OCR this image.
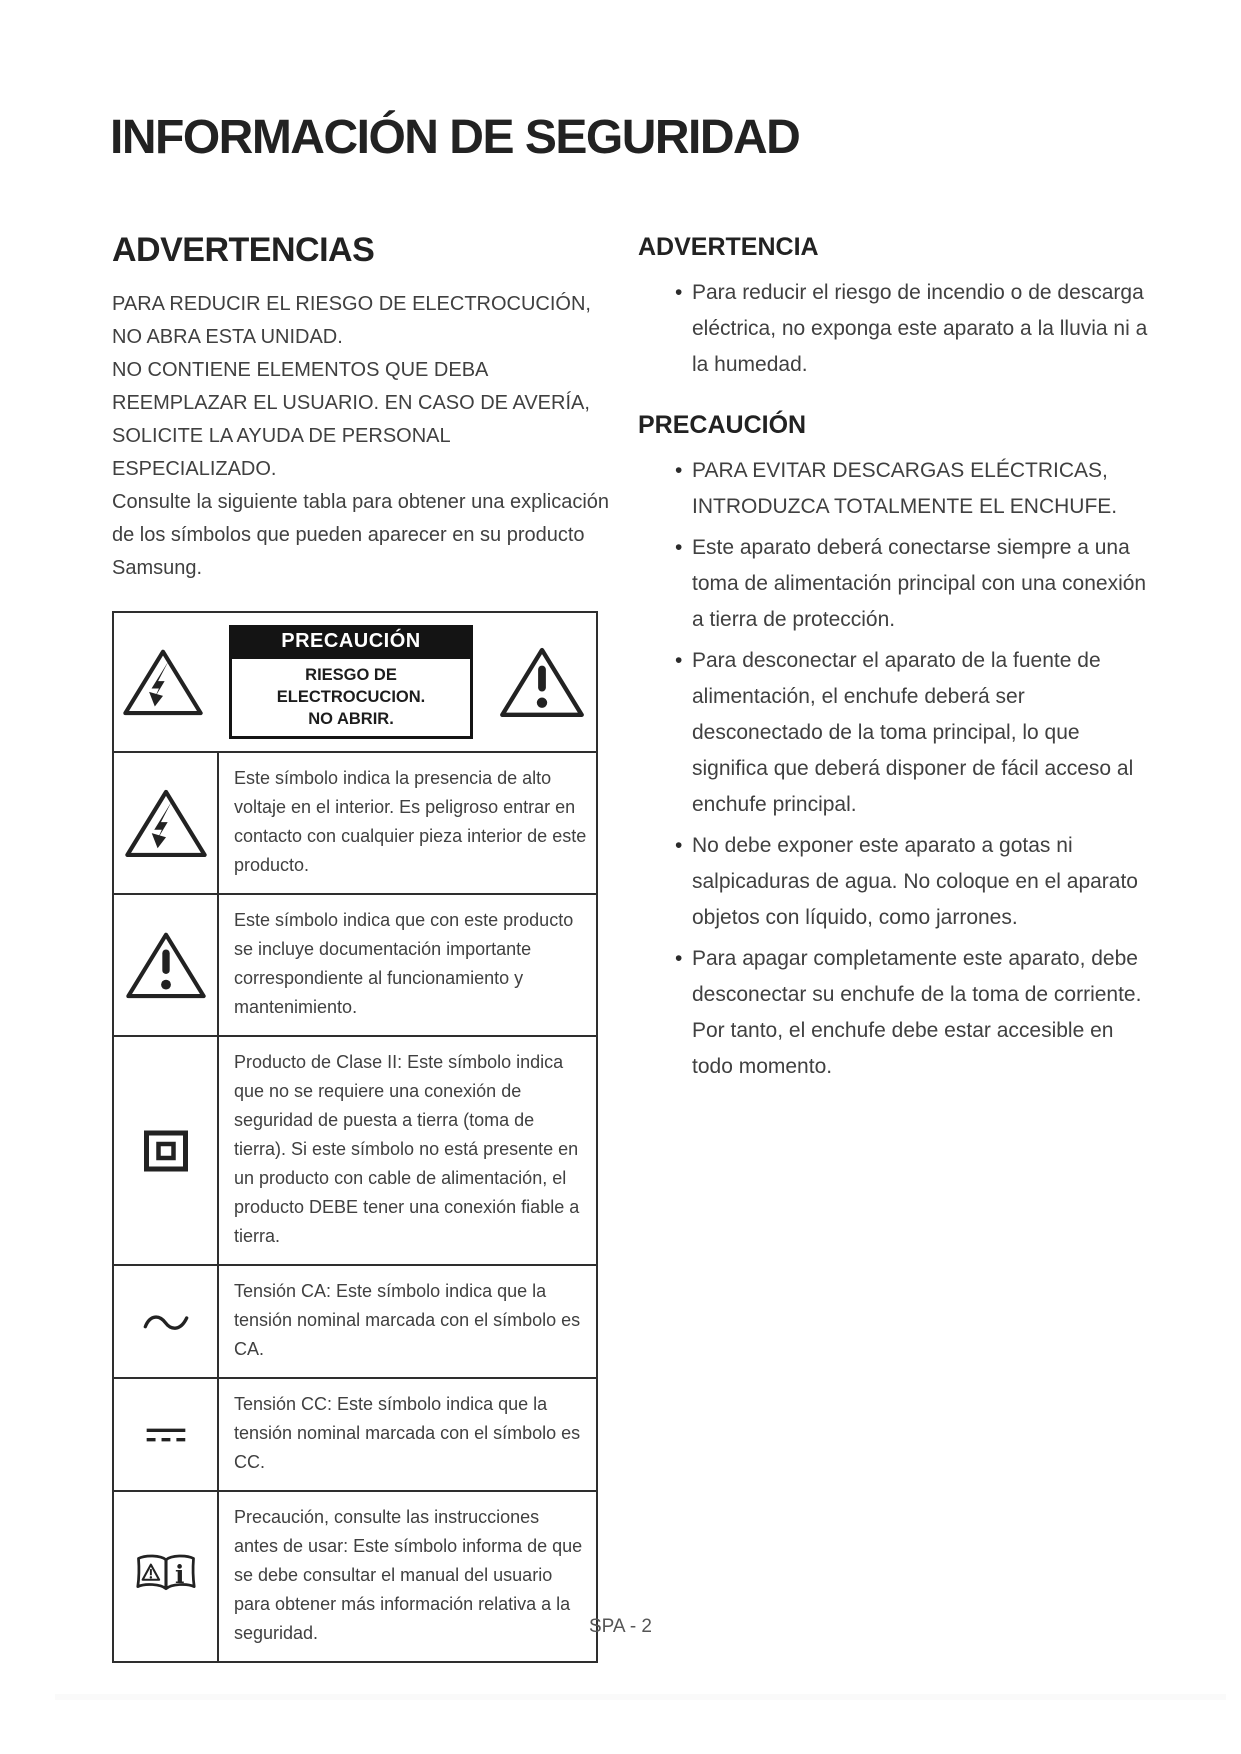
INFORMACIÓN DE SEGURIDAD
ADVERTENCIAS

PARA REDUCIR EL RIESGO DE ELECTROCUCIÓN, NO ABRA ESTA UNIDAD.

NO CONTIENE ELEMENTOS QUE DEBA REEMPLAZAR EL USUARIO. EN CASO DE AVERÍA, SOLICITE LA AYUDA DE PERSONAL ESPECIALIZADO.

Consulte la siguiente tabla para obtener una explicación de los símbolos que pueden aparecer en su producto Samsung.

PRECAUCIÓN
RIESGO DE ELECTROCUCION.
NO ABRIR.
Este símbolo indica la presencia de alto voltaje en el interior. Es peligroso entrar en contacto con cualquier pieza interior de este producto.
Este símbolo indica que con este producto se incluye documentación importante correspondiente al funcionamiento y mantenimiento.
Producto de Clase II: Este símbolo indica que no se requiere una conexión de seguridad de puesta a tierra (toma de tierra). Si este símbolo no está presente en un producto con cable de alimentación, el producto DEBE tener una conexión fiable a tierra.
Tensión CA: Este símbolo indica que la tensión nominal marcada con el símbolo es CA.
Tensión CC: Este símbolo indica que la tensión nominal marcada con el símbolo es CC.
i
Precaución, consulte las instrucciones antes de usar: Este símbolo informa de que se debe consultar el manual del usuario para obtener más información relativa a la seguridad.
ADVERTENCIA
• Para reducir el riesgo de incendio o de descarga eléctrica, no exponga este aparato a la lluvia ni a la humedad.
PRECAUCIÓN
• PARA EVITAR DESCARGAS ELÉCTRICAS, INTRODUZCA TOTALMENTE EL ENCHUFE.
• Este aparato deberá conectarse siempre a una toma de alimentación principal con una conexión a tierra de protección.
• Para desconectar el aparato de la fuente de alimentación, el enchufe deberá ser desconectado de la toma principal, lo que significa que deberá disponer de fácil acceso al enchufe principal.
• No debe exponer este aparato a gotas ni salpicaduras de agua. No coloque en el aparato objetos con líquido, como jarrones.
• Para apagar completamente este aparato, debe desconectar su enchufe de la toma de corriente. Por tanto, el enchufe debe estar accesible en todo momento.
SPA - 2
